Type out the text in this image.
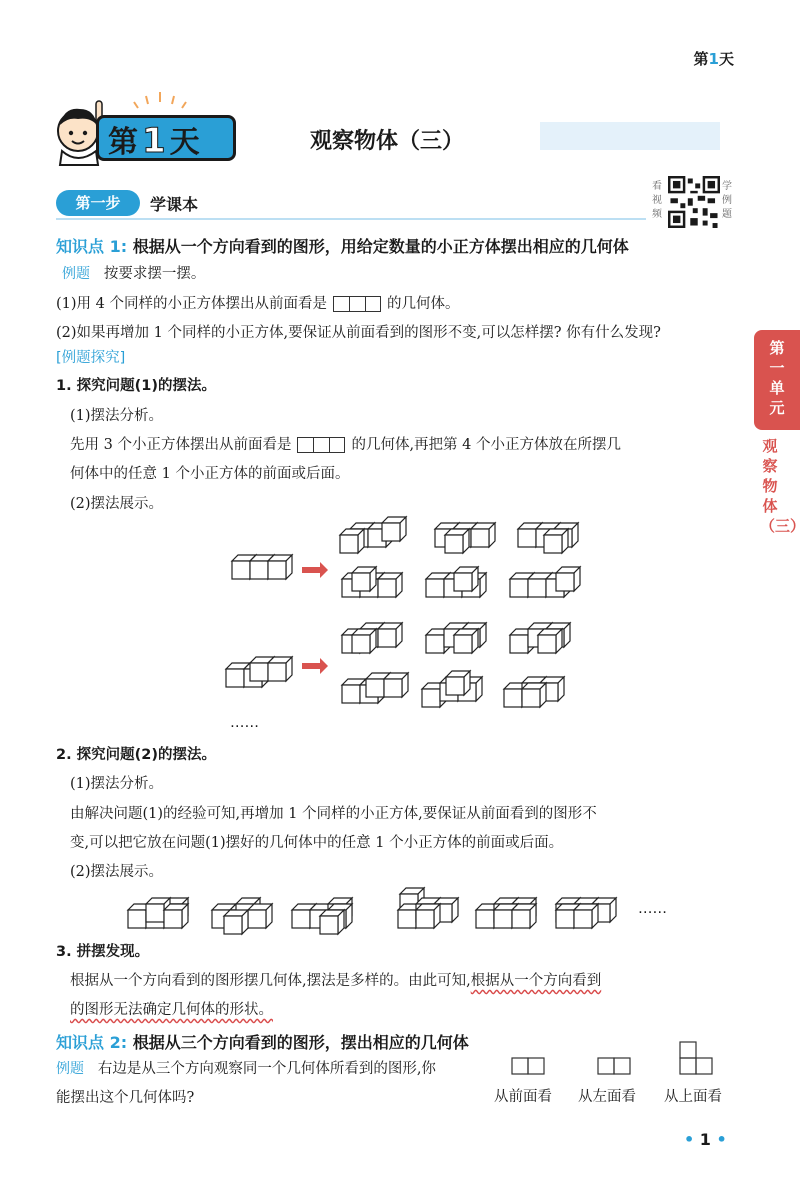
第1天
第1天	观察物体（三）
第一步	学课本
看视频
学例题
第一单元
观察物体（三）
知识点 1: 根据从一个方向看到的图形，用给定数量的小正方体摆出相应的几何体
例题 按要求摆一摆。
(1)用 4 个同样的小正方体摆出从前面看是	的几何体。
(2)如果再增加 1 个同样的小正方体,要保证从前面看到的图形不变,可以怎样摆? 你有什么发现?
[例题探究]
1. 探究问题(1)的摆法。
(1)摆法分析。
先用 3 个小正方体摆出从前面看是	的几何体,再把第 4 个小正方体放在所摆几
何体中的任意 1 个小正方体的前面或后面。
(2)摆法展示。
……
2. 探究问题(2)的摆法。
(1)摆法分析。
由解决问题(1)的经验可知,再增加 1 个同样的小正方体,要保证从前面看到的图形不
变,可以把它放在问题(1)摆好的几何体中的任意 1 个小正方体的前面或后面。
(2)摆法展示。
……
3. 拼摆发现。
根据从一个方向看到的图形摆几何体,摆法是多样的。由此可知,根据从一个方向看到
的图形无法确定几何体的形状。
知识点 2: 根据从三个方向看到的图形，摆出相应的几何体
例题 右边是从三个方向观察同一个几何体所看到的图形,你
能摆出这个几何体吗?	从前面看 从左面看 从上面看
• 1 •
